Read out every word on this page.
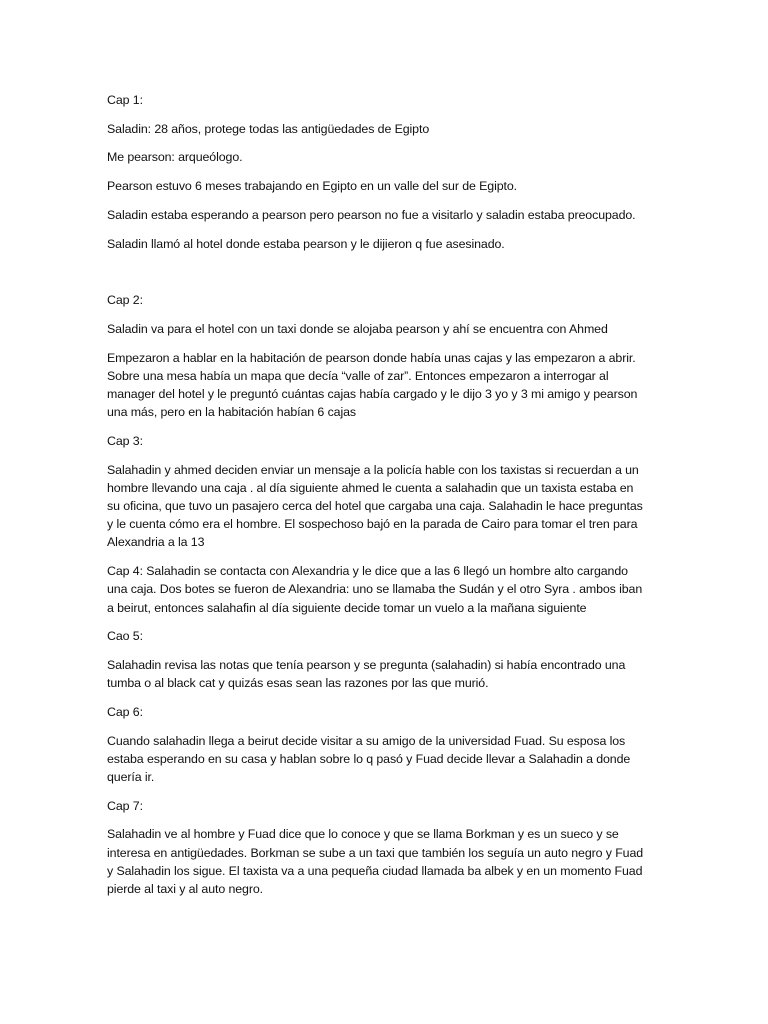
Cap 1:

Saladin: 28 años, protege todas las antigüedades de Egipto

Me pearson: arqueólogo.

Pearson estuvo 6 meses trabajando en Egipto en un valle del sur de Egipto.

Saladin estaba esperando a pearson pero pearson no fue a visitarlo y saladin estaba preocupado.

Saladin llamó al hotel donde estaba pearson y le dijieron q fue asesinado.

Cap 2:

Saladin va para el hotel con un taxi donde se alojaba pearson y ahí se encuentra con Ahmed

Empezaron a hablar en la habitación de pearson donde había unas cajas y las empezaron a abrir.
Sobre una mesa había un mapa que decía “valle of zar”. Entonces empezaron a interrogar al
manager del hotel y le preguntó cuántas cajas había cargado y le dijo 3 yo y 3 mi amigo y pearson
una más, pero en la habitación habían 6 cajas

Cap 3:

Salahadin y ahmed deciden enviar un mensaje a la policía hable con los taxistas si recuerdan a un
hombre llevando una caja . al día siguiente ahmed le cuenta a salahadin que un taxista estaba en
su oficina, que tuvo un pasajero cerca del hotel que cargaba una caja. Salahadin le hace preguntas
y le cuenta cómo era el hombre. El sospechoso bajó en la parada de Cairo para tomar el tren para
Alexandria a la 13

Cap 4: Salahadin se contacta con Alexandria y le dice que a las 6 llegó un hombre alto cargando
una caja. Dos botes se fueron de Alexandria: uno se llamaba the Sudán y el otro Syra . ambos iban
a beirut, entonces salahafin al día siguiente decide tomar un vuelo a la mañana siguiente

Cao 5:

Salahadin revisa las notas que tenía pearson y se pregunta (salahadin) si había encontrado una
tumba o al black cat y quizás esas sean las razones por las que murió.

Cap 6:

Cuando salahadin llega a beirut decide visitar a su amigo de la universidad Fuad. Su esposa los
estaba esperando en su casa y hablan sobre lo q pasó y Fuad decide llevar a Salahadin a donde
quería ir.

Cap 7:

Salahadin ve al hombre y Fuad dice que lo conoce y que se llama Borkman y es un sueco y se
interesa en antigüedades. Borkman se sube a un taxi que también los seguía un auto negro y Fuad
y Salahadin los sigue. El taxista va a una pequeña ciudad llamada ba albek y en un momento Fuad
pierde al taxi y al auto negro.
